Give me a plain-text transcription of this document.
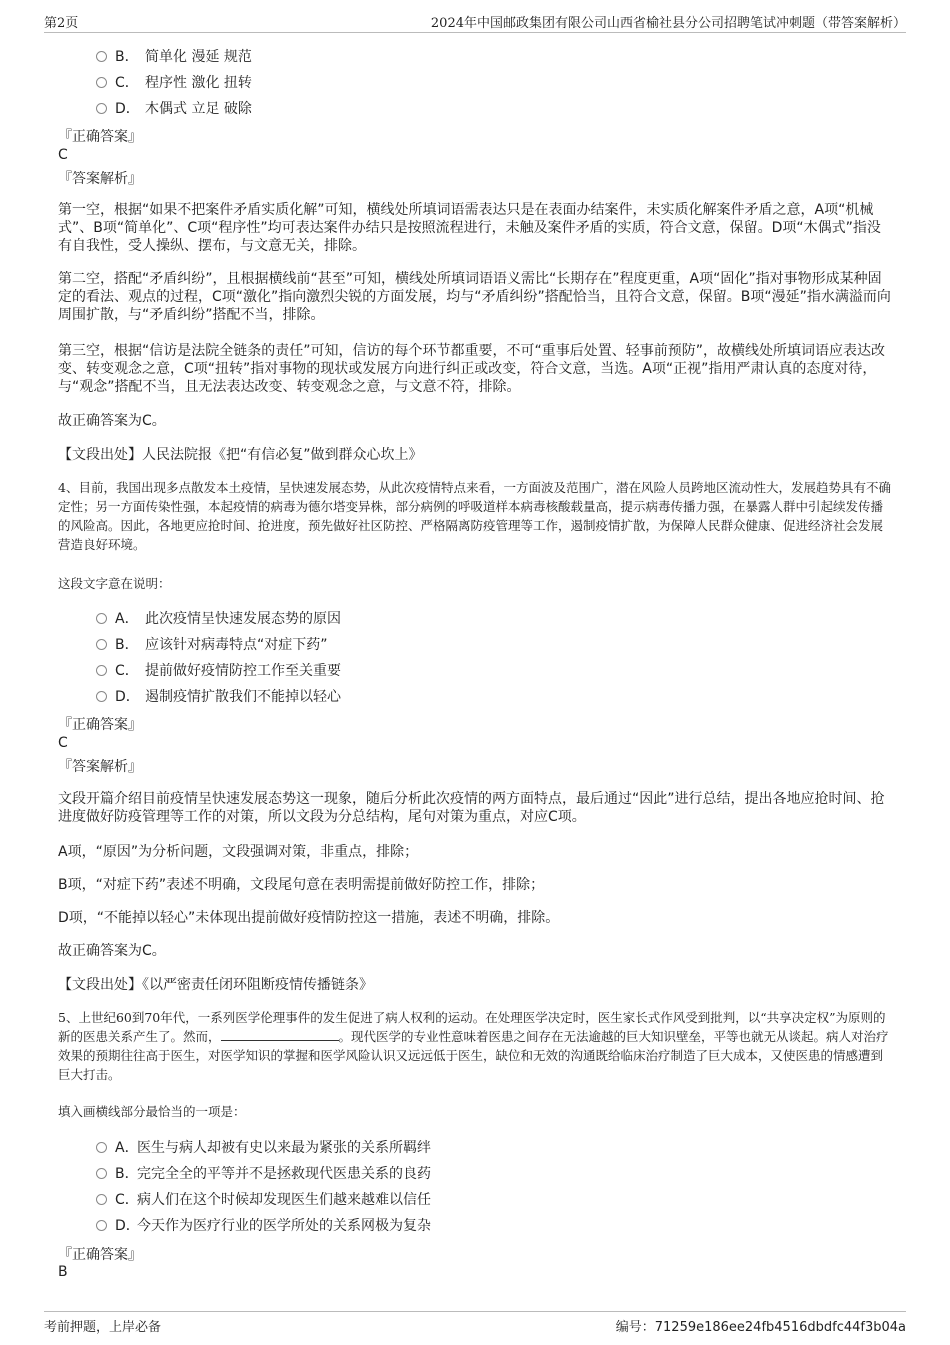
第2页	2024年中国邮政集团有限公司山西省榆社县分公司招聘笔试冲刺题（带答案解析）
B． 简单化 漫延 规范
C． 程序性 激化 扭转
D． 木偶式 立足 破除
『正确答案』
C
『答案解析』
第一空，根据“如果不把案件矛盾实质化解”可知，横线处所填词语需表达只是在表面办结案件，未实质化解案件矛盾之意，A项“机械式”、B项“简单化”、C项“程序性”均可表达案件办结只是按照流程进行，未触及案件矛盾的实质，符合文意，保留。D项“木偶式”指没有自我性，受人操纵、摆布，与文意无关，排除。
第二空，搭配“矛盾纠纷”，且根据横线前“甚至”可知，横线处所填词语语义需比“长期存在”程度更重，A项“固化”指对事物形成某种固定的看法、观点的过程，C项“激化”指向激烈尖锐的方面发展，均与“矛盾纠纷”搭配恰当，且符合文意，保留。B项“漫延”指水满溢而向周围扩散，与“矛盾纠纷”搭配不当，排除。
第三空，根据“信访是法院全链条的责任”可知，信访的每个环节都重要，不可“重事后处置、轻事前预防”，故横线处所填词语应表达改变、转变观念之意，C项“扭转”指对事物的现状或发展方向进行纠正或改变，符合文意，当选。A项“正视”指用严肃认真的态度对待，与“观念”搭配不当，且无法表达改变、转变观念之意，与文意不符，排除。
故正确答案为C。
【文段出处】人民法院报《把“有信必复”做到群众心坎上》
4、目前，我国出现多点散发本土疫情，呈快速发展态势，从此次疫情特点来看，一方面波及范围广，潜在风险人员跨地区流动性大，发展趋势具有不确定性；另一方面传染性强，本起疫情的病毒为德尔塔变异株，部分病例的呼吸道样本病毒核酸载量高，提示病毒传播力强，在暴露人群中引起续发传播的风险高。因此，各地更应抢时间、抢进度，预先做好社区防控、严格隔离防疫管理等工作，遏制疫情扩散，为保障人民群众健康、促进经济社会发展营造良好环境。
这段文字意在说明：
A． 此次疫情呈快速发展态势的原因
B． 应该针对病毒特点“对症下药”
C． 提前做好疫情防控工作至关重要
D． 遏制疫情扩散我们不能掉以轻心
『正确答案』
C
『答案解析』
文段开篇介绍目前疫情呈快速发展态势这一现象，随后分析此次疫情的两方面特点，最后通过“因此”进行总结，提出各地应抢时间、抢进度做好防疫管理等工作的对策，所以文段为分总结构，尾句对策为重点，对应C项。
A项，“原因”为分析问题，文段强调对策，非重点，排除；
B项，“对症下药”表述不明确，文段尾句意在表明需提前做好防控工作，排除；
D项，“不能掉以轻心”未体现出提前做好疫情防控这一措施，表述不明确，排除。
故正确答案为C。
【文段出处】《以严密责任闭环阻断疫情传播链条》
5、上世纪60到70年代，一系列医学伦理事件的发生促进了病人权利的运动。在处理医学决定时，医生家长式作风受到批判，以“共享决定权”为原则的新的医患关系产生了。然而，	。现代医学的专业性意味着医患之间存在无法逾越的巨大知识壁垒，平等也就无从谈起。病人对治疗效果的预期往往高于医生，对医学知识的掌握和医学风险认识又远远低于医生，缺位和无效的沟通既给临床治疗制造了巨大成本，又使医患的情感遭到巨大打击。
填入画横线部分最恰当的一项是：
A．医生与病人却被有史以来最为紧张的关系所羁绊
B．完完全全的平等并不是拯救现代医患关系的良药
C．病人们在这个时候却发现医生们越来越难以信任
D．今天作为医疗行业的医学所处的关系网极为复杂
『正确答案』
B
考前押题，上岸必备	编号：71259e186ee24fb4516dbdfc44f3b04a
